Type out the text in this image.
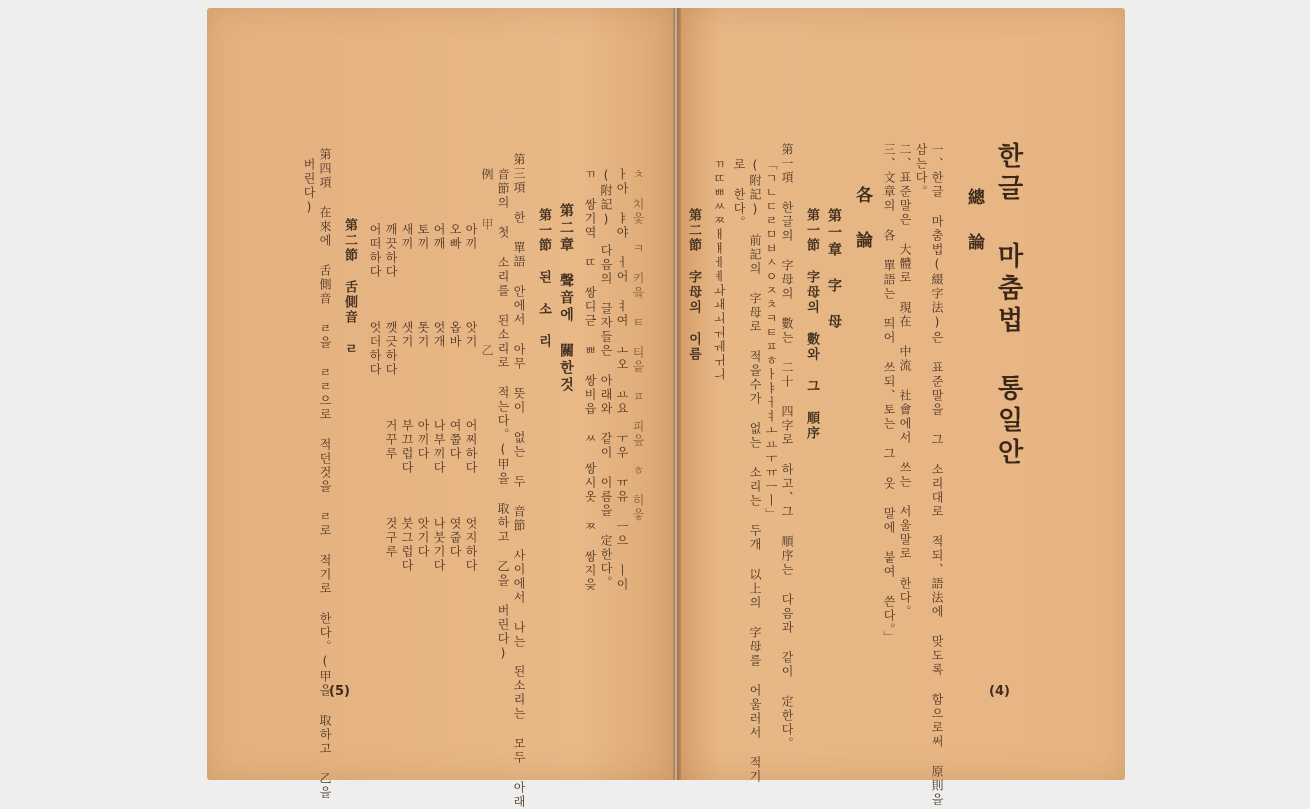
한글 마춤법 통일안
總 論
一、한글 마춤법(綴字法)은 표준말을 그 소리대로 적되、語法에 맞도록 함으로써 原則을
삼는다。
二、표준말은 大體로 現在 中流 社會에서 쓰는 서울말로 한다。
三、文章의 各 單語는 띄어 쓰되、토는 그 웃 말에 붙여 쓴다。」
各 論
第一章 字 母
第一節 字母의 數와 그 順序
第一項 한글의 字母의 數는 二十 四字로 하고、그 順序는 다음과 같이 定한다。
「ㄱㄴㄷㄹㅁㅂㅅㅇㅈㅊㅋㅌㅍㅎㅏㅑㅓㅕㅗㅛㅜㅠㅡㅣ」
(附記) 前記의 字母로 적을수가 없는 소리는 두개 以上의 字母를 어울러서 적기
로 한다。
ㄲㄸㅃㅆㅉㅐㅒㅔㅖㅘㅙㅚㅝㅞㅟㅢ
第二節 字母의 이름
(4)
ㅊ 치읓 ㅋ 키읔 ㅌ 티읕 ㅍ 피읖 ㅎ 히읗
ㅏ아 ㅑ야 ㅓ어 ㅕ여 ㅗ오 ㅛ요 ㅜ우 ㅠ유 ㅡ으 ㅣ이
(附記) 다음의 글자들은 아래와 같이 이름을 定한다。
ㄲ 쌍기역 ㄸ 쌍디귿 ㅃ 쌍비읍 ㅆ 쌍시옷 ㅉ 쌍지읒
第二章 聲音에 關한것
第一節 된 소 리
第三項 한 單語 안에서 아무 뜻이 없는 두 音節 사이에서 나는 된소리는 모두 아래
音節의 첫 소리를 된소리로 적는다。(甲을 取하고 乙을 버린다)
例
甲　　　　　　　　乙
아끼　　　　　앗기　　　　　어찌하다　　　엇지하다
오빠　　　　　옵바　　　　　여쭙다　　　　엿줍다
어깨　　　　　엇개　　　　　나부끼다　　　나붓기다
토끼　　　　　톳기　　　　　아끼다　　　　앗기다
새끼　　　　　샛기　　　　　부끄럽다　　　붓그럽다
깨끗하다　　　깻긋하다　　　거꾸루　　　　것구루
어떠하다　　　엇더하다
第二節 舌側音 ㄹ
第四項 在來에 舌側音 ㄹ을 ㄹㄹ으로 적던것을 ㄹ로 적기로 한다。(甲을 取하고 乙을
버린다)
(5)
